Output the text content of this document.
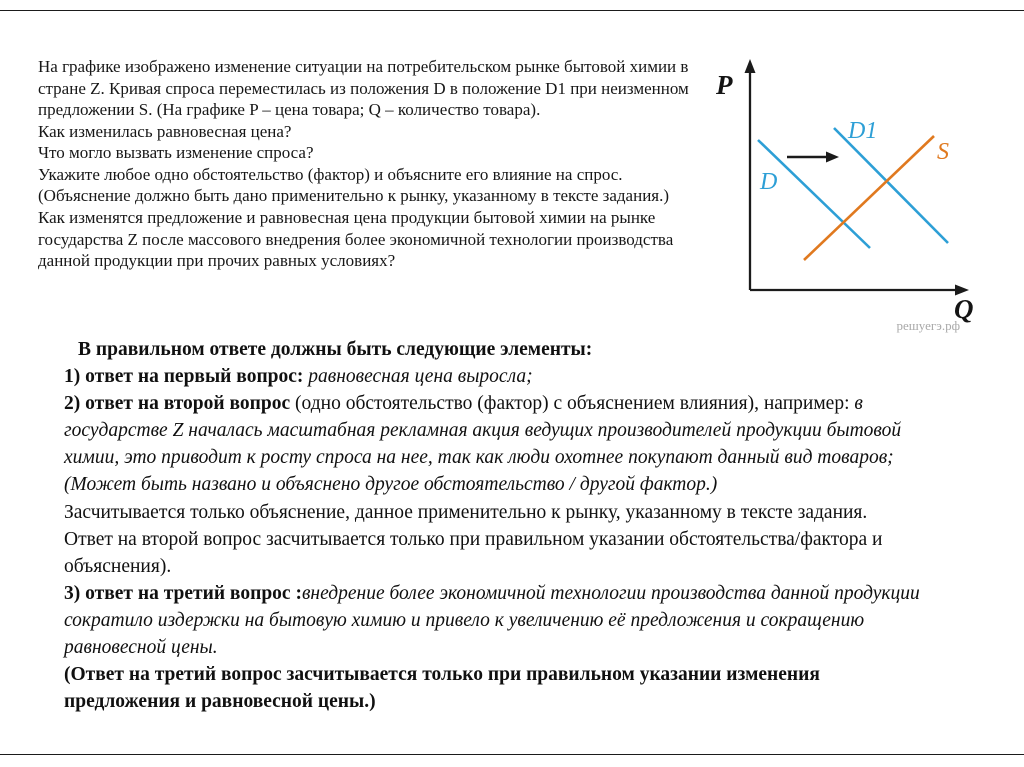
На графике изображено изменение ситуации на потребительском рынке бытовой химии в стране Z. Кривая спроса переместилась из положения D в положение D1 при неизменном предложении S. (На графике P – цена товара; Q – количество товара).

Как изменилась равновесная цена?

Что могло вызвать изменение спроса?

Укажите любое одно обстоятельство (фактор) и объясните его влияние на спрос. (Объяснение должно быть дано применительно к рынку, указанному в тексте задания.)

Как изменятся предложение и равновесная цена продукции бытовой химии на рынке государства Z после массового внедрения более экономичной технологии производства данной продукции при прочих равных условиях?

P
Q
D
D1
S
решуегэ.рф

В правильном ответе должны быть следующие элементы:

1) ответ на первый вопрос: равновесная цена выросла;

2) ответ на второй вопрос (одно обстоятельство (фактор) с объяснением влияния), например: в государстве Z началась масштабная рекламная акция ведущих производителей продукции бытовой химии, это приводит к росту спроса на нее, так как люди охотнее покупают данный вид товаров;

(Может быть названо и объяснено другое обстоятельство / другой фактор.)

Засчитывается только объяснение, данное применительно к рынку, указанному в тексте задания.

Ответ на второй вопрос засчитывается только при правильном указании обстоятельства/фактора и объяснения).

3) ответ на третий вопрос :внедрение более экономичной технологии производства данной продукции сократило издержки на бытовую химию и привело к увеличению её предложения и сокращению равновесной цены.

(Ответ на третий вопрос засчитывается только при правильном указании изменения предложения и равновесной цены.)
